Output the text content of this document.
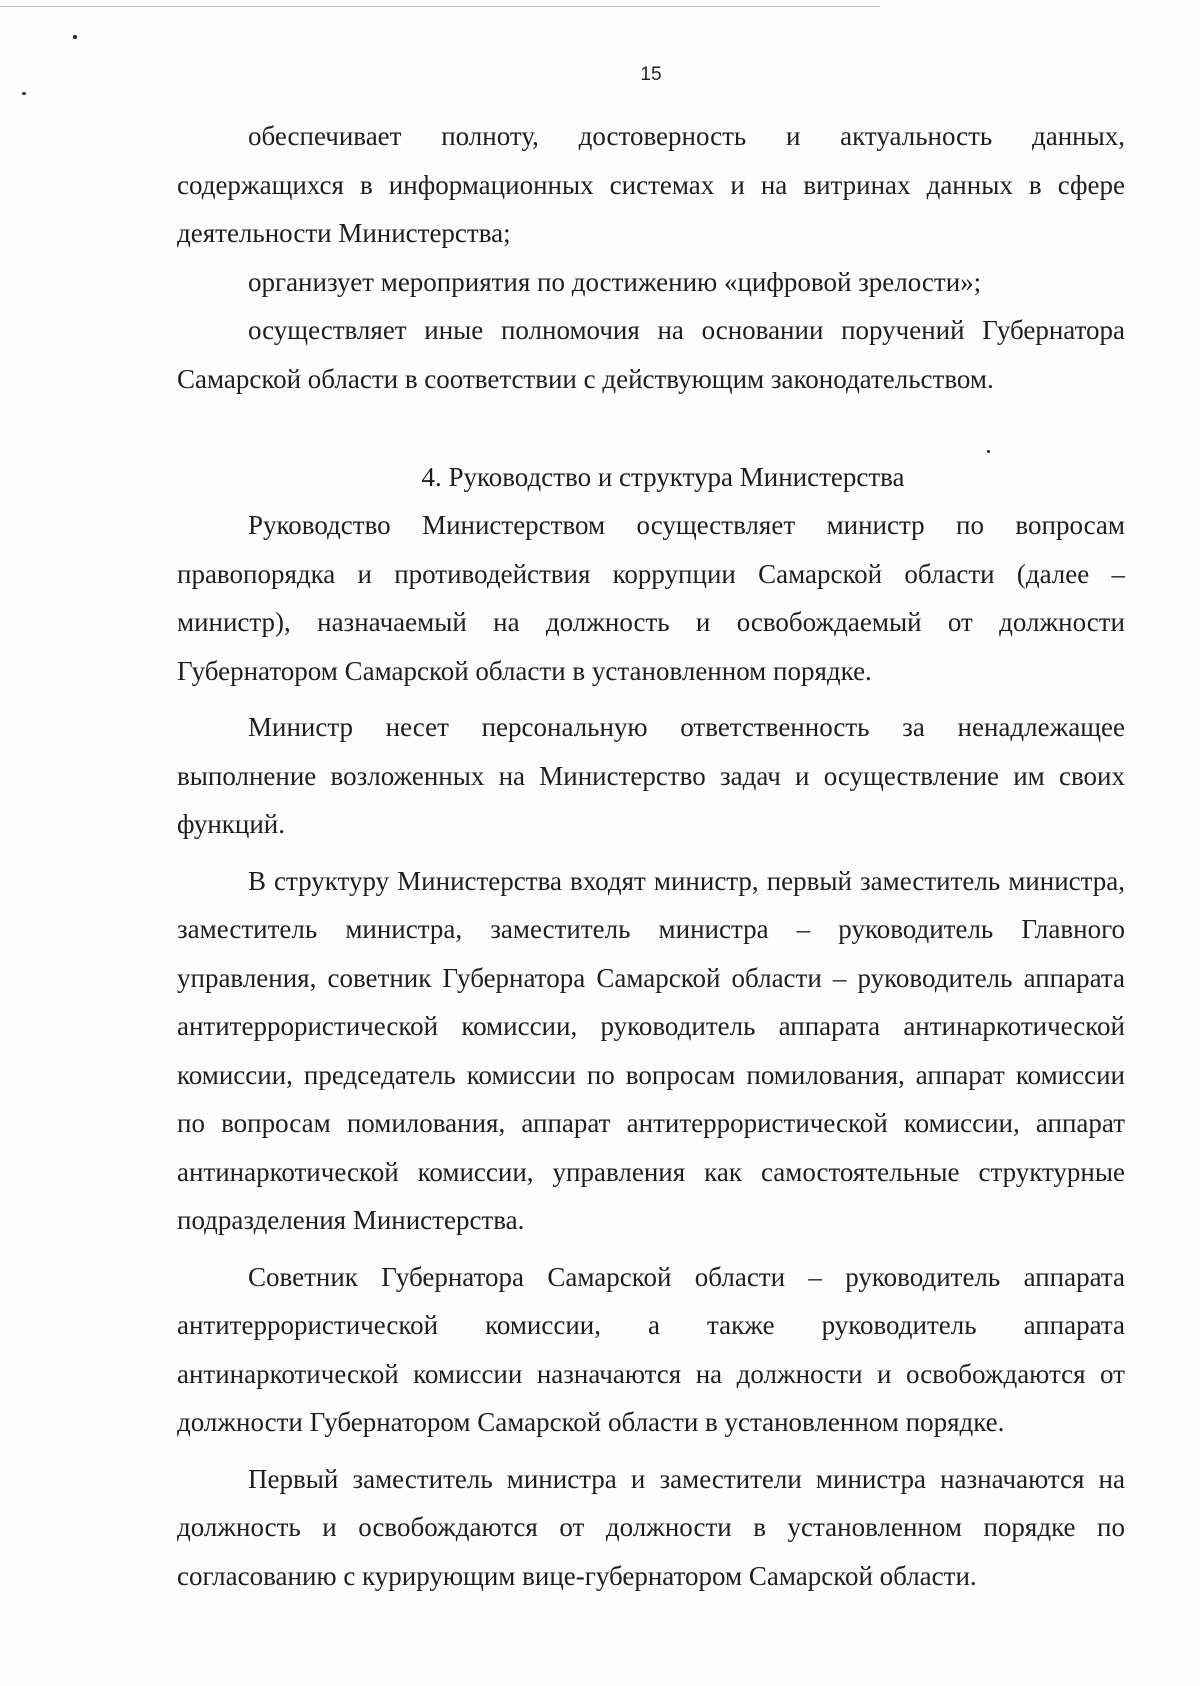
15

обеспечивает полноту, достоверность и актуальность данных, содержащихся в информационных системах и на витринах данных в сфере деятельности Министерства;

организует мероприятия по достижению «цифровой зрелости»;

осуществляет иные полномочия на основании поручений Губернатора Самарской области в соответствии с действующим законодательством.

4. Руководство и структура Министерства

Руководство Министерством осуществляет министр по вопросам правопорядка и противодействия коррупции Самарской области (далее – министр), назначаемый на должность и освобождаемый от должности Губернатором Самарской области в установленном порядке.

Министр несет персональную ответственность за ненадлежащее выполнение возложенных на Министерство задач и осуществление им своих функций.

В структуру Министерства входят министр, первый заместитель министра, заместитель министра, заместитель министра – руководитель Главного управления, советник Губернатора Самарской области – руководитель аппарата антитеррористической комиссии, руководитель аппарата антинаркотической комиссии, председатель комиссии по вопросам помилования, аппарат комиссии по вопросам помилования, аппарат антитеррористической комиссии, аппарат антинаркотической комиссии, управления как самостоятельные структурные подразделения Министерства.

Советник Губернатора Самарской области – руководитель аппарата антитеррористической комиссии, а также руководитель аппарата антинаркотической комиссии назначаются на должности и освобождаются от должности Губернатором Самарской области в установленном порядке.

Первый заместитель министра и заместители министра назначаются на должность и освобождаются от должности в установленном порядке по согласованию с курирующим вице-губернатором Самарской области.
